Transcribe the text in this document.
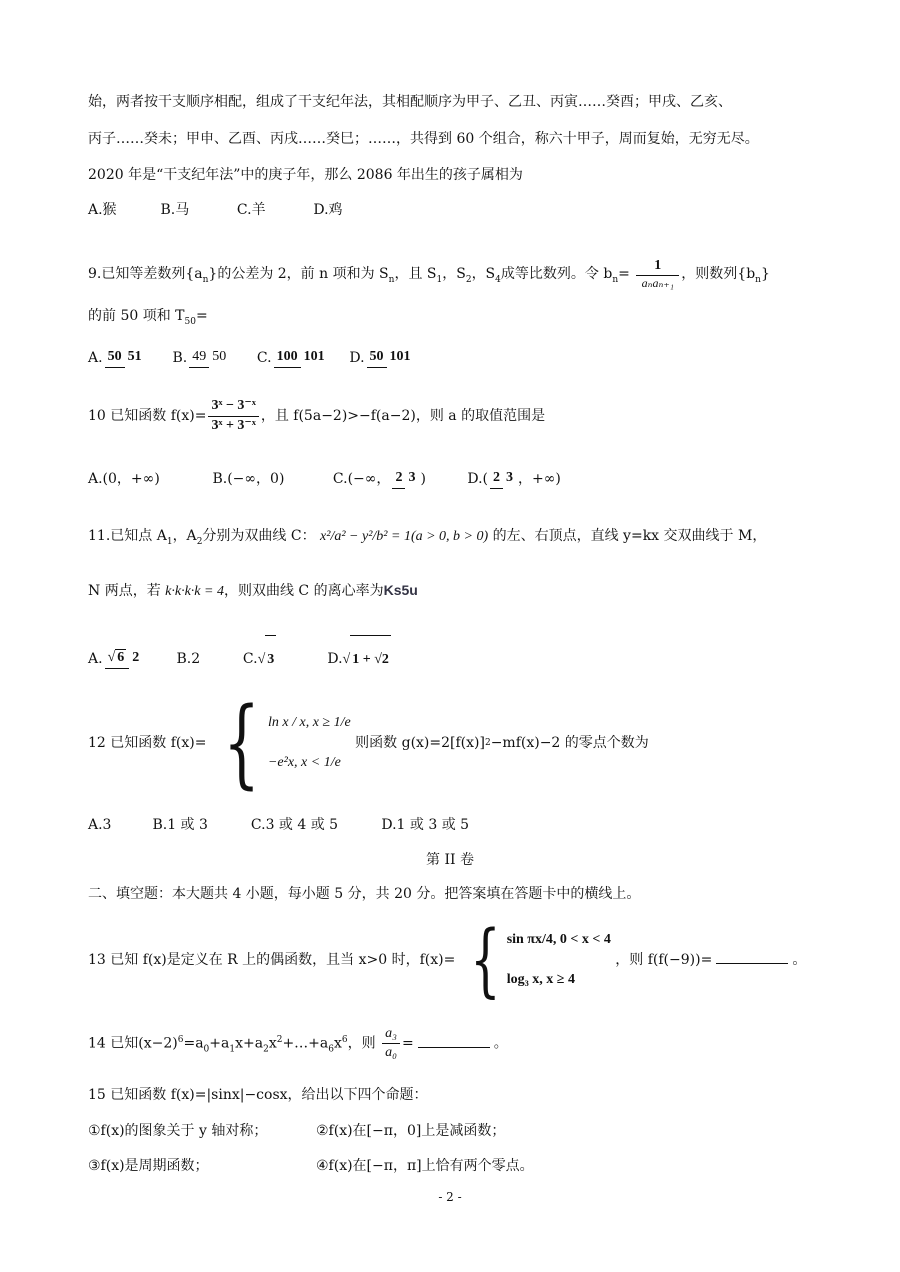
始，两者按干支顺序相配，组成了干支纪年法，其相配顺序为甲子、乙丑、丙寅……癸酉；甲戌、乙亥、
丙子……癸未；甲申、乙酉、丙戌……癸巳；……，共得到 60 个组合，称六十甲子，周而复始，无穷无尽。
2020 年是“干支纪年法”中的庚子年，那么 2086 年出生的孩子属相为
A.猴	B.马	C.羊	D.鸡
9.已知等差数列$\{a_n\}$的公差为 2，前 n 项和为 $S_n$，且 $S_1$，$S_2$，$S_4$成等比数列。令 $b_n= \frac{1}{\text{aₙaₙ₊₁}}$ ，则数列$\{b_n\}$
的前 50 项和 $T_{50}=$
A. 50 51 B. 49 50 C. 100 101 D. 50 101
10 已知函数 $f(x)= \frac{\text{3ˣ − 3⁻ˣ}}{\text{3ˣ + 3⁻ˣ}}$ ，且 f(5a−2)>−f(a−2)，则 a 的取值范围是
A.(0，+∞)	B.(−∞，0)	C.(−∞， 2 3 )	D.( 2 3 ，+∞)
11.已知点 $A_1$，$A_2$分别为双曲线 C： x²/a² − y²/b² = 1(a > 0, b > 0) 的左、右顶点，直线 y=kx 交双曲线于 M，
N 两点，若 k·k·k·k = 4，则双曲线 C 的离心率为Ks5u
A. √ 6 2	B.2	C.√ 3	D.√ 1 + √2
12 已知函数 f(x)= { ln x / x, x ≥ 1/e
−e²x, x < 1/e
则函数 g(x)=2[f(x)]2−mf(x)−2 的零点个数为
A.3	B.1 或 3	C.3 或 4 或 5	D.1 或 3 或 5
第 II 卷
二、填空题：本大题共 4 小题，每小题 5 分，共 20 分。把答案填在答题卡中的横线上。
13 已知 f(x)是定义在 R 上的偶函数，且当 x>0 时，f(x)= { sin πx/4, 0 < x < 4
log₃ x, x ≥ 4
，则 f(f(−9))=	。
14 已知$(x-2)^6=a_0+a_1x+a_2x^2+\dots+a_6x^6$，则 $\frac{\text{a₃}}{\text{a₀}}$ =	。
15 已知函数 f(x)=|sinx|−cosx，给出以下四个命题：
①f(x)的图象关于 y 轴对称；	②f(x)在[−π，0]上是减函数；
③f(x)是周期函数；	④f(x)在[−π，π]上恰有两个零点。
- 2 -
